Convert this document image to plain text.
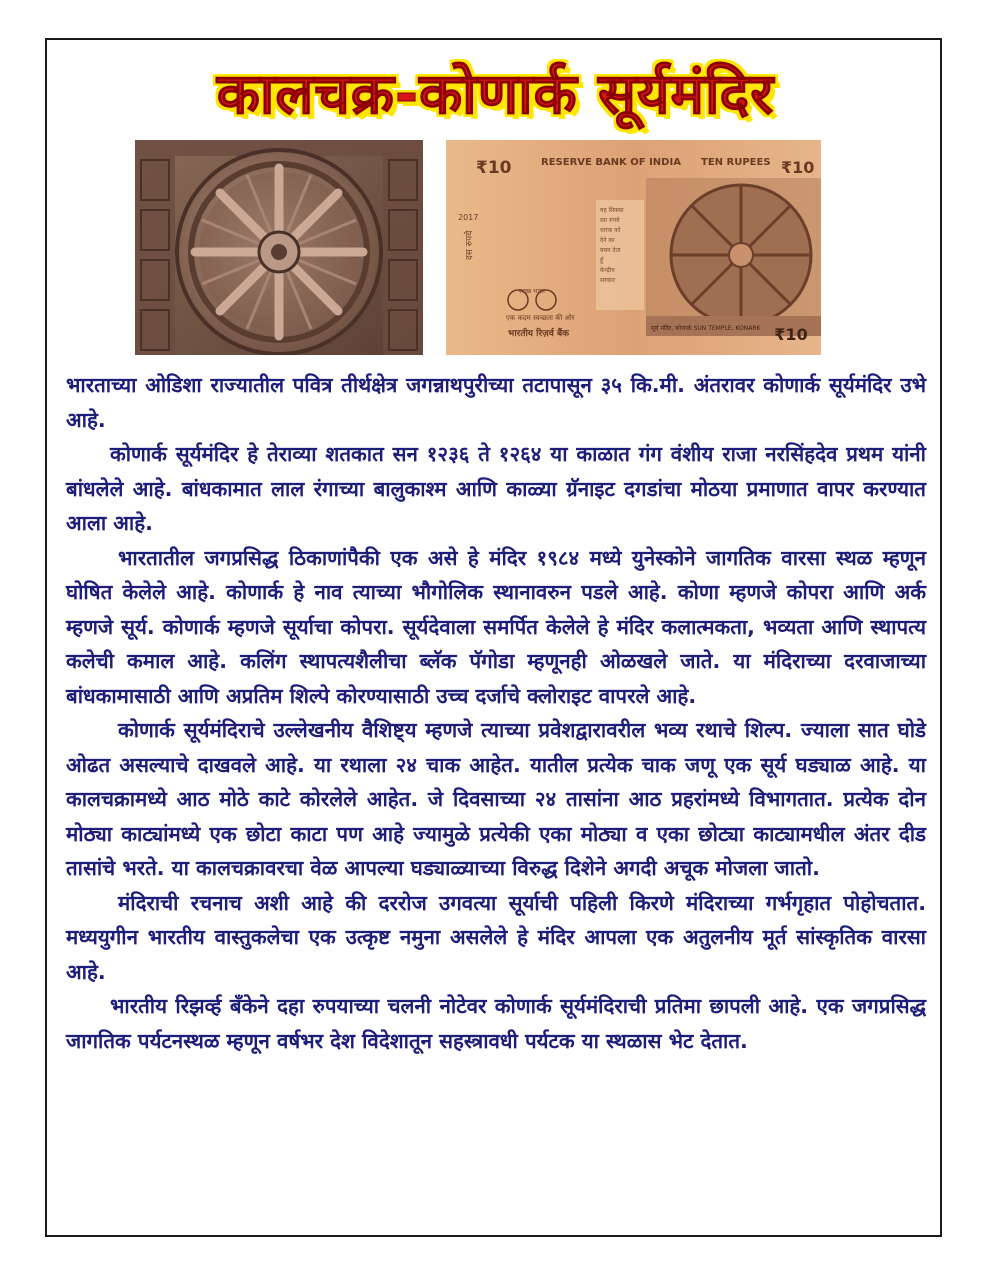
कालचक्र-कोणार्क सूर्यमंदिर
यह सिक्का
दस रुपये
धारक को
देने का
वचन देता
हूँ
केन्द्रीय
सरकार
₹10	RESERVE BANK OF INDIA TEN RUPEES ₹10
2017
दस रुपये
स्वच्छ भारत
एक कदम स्वच्छता की ओर
भारतीय रिज़र्व बैंक
सूर्य मंदिर, कोणार्क SUN TEMPLE, KONARK ₹10

भारताच्या ओडिशा राज्यातील पवित्र तीर्थक्षेत्र जगन्नाथपुरीच्या तटापासून ३५ कि.मी. अंतरावर कोणार्क सूर्यमंदिर उभे आहे.

कोणार्क सूर्यमंदिर हे तेराव्या शतकात सन १२३६ ते १२६४ या काळात गंग वंशीय राजा नरसिंहदेव प्रथम यांनी बांधलेले आहे. बांधकामात लाल रंगाच्या बालुकाश्म आणि काळ्या ग्रॅनाइट दगडांचा मोठया प्रमाणात वापर करण्यात आला आहे.

भारतातील जगप्रसिद्ध ठिकाणांपैकी एक असे हे मंदिर १९८४ मध्ये युनेस्कोने जागतिक वारसा स्थळ म्हणून घोषित केलेले आहे. कोणार्क हे नाव त्याच्या भौगोलिक स्थानावरुन पडले आहे. कोणा म्हणजे कोपरा आणि अर्क म्हणजे सूर्य. कोणार्क म्हणजे सूर्याचा कोपरा. सूर्यदेवाला समर्पित केलेले हे मंदिर कलात्मकता, भव्यता आणि स्थापत्य कलेची कमाल आहे. कलिंग स्थापत्यशैलीचा ब्लॅक पॅगोडा म्हणूनही ओळखले जाते. या मंदिराच्या दरवाजाच्या बांधकामासाठी आणि अप्रतिम शिल्पे कोरण्यासाठी उच्च दर्जाचे क्लोराइट वापरले आहे.

कोणार्क सूर्यमंदिराचे उल्लेखनीय वैशिष्ट्य म्हणजे त्याच्या प्रवेशद्वारावरील भव्य रथाचे शिल्प. ज्याला सात घोडे ओढत असल्याचे दाखवले आहे. या रथाला २४ चाक आहेत. यातील प्रत्येक चाक जणू एक सूर्य घड्याळ आहे. या कालचक्रामध्ये आठ मोठे काटे कोरलेले आहेत. जे दिवसाच्या २४ तासांना आठ प्रहरांमध्ये विभागतात. प्रत्येक दोन मोठ्या काट्यांमध्ये एक छोटा काटा पण आहे ज्यामुळे प्रत्येकी एका मोठ्या व एका छोट्या काट्यामधील अंतर दीड तासांचे भरते. या कालचक्रावरचा वेळ आपल्या घड्याळ्याच्या विरुद्ध दिशेने अगदी अचूक मोजला जातो.

मंदिराची रचनाच अशी आहे की दररोज उगवत्या सूर्याची पहिली किरणे मंदिराच्या गर्भगृहात पोहोचतात. मध्ययुगीन भारतीय वास्तुकलेचा एक उत्कृष्ट नमुना असलेले हे मंदिर आपला एक अतुलनीय मूर्त सांस्कृतिक वारसा आहे.

भारतीय रिझर्व्ह बँकेने दहा रुपयाच्या चलनी नोटेवर कोणार्क सूर्यमंदिराची प्रतिमा छापली आहे. एक जगप्रसिद्ध जागतिक पर्यटनस्थळ म्हणून वर्षभर देश विदेशातून सहस्त्रावधी पर्यटक या स्थळास भेट देतात.
